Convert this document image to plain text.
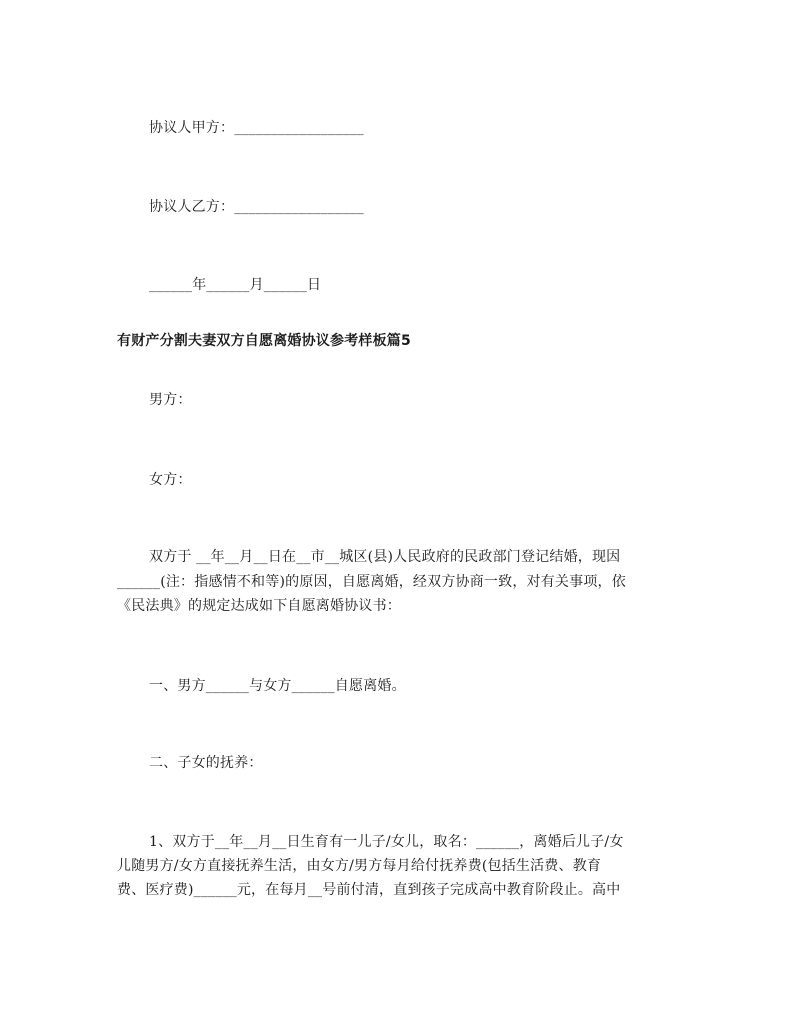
协议人甲方：__________________
协议人乙方：__________________
______年______月______日
有财产分割夫妻双方自愿离婚协议参考样板篇5
男方：
女方：
双方于 __年__月__日在__市__城区(县)人民政府的民政部门登记结婚，现因
______(注：指感情不和等)的原因，自愿离婚，经双方协商一致，对有关事项，依
《民法典》的规定达成如下自愿离婚协议书：
一、男方______与女方______自愿离婚。
二、子女的抚养：
1、双方于__年__月__日生育有一儿子/女儿，取名：______，离婚后儿子/女
儿随男方/女方直接抚养生活，由女方/男方每月给付抚养费(包括生活费、教育
费、医疗费)______元，在每月__号前付清，直到孩子完成高中教育阶段止。高中
